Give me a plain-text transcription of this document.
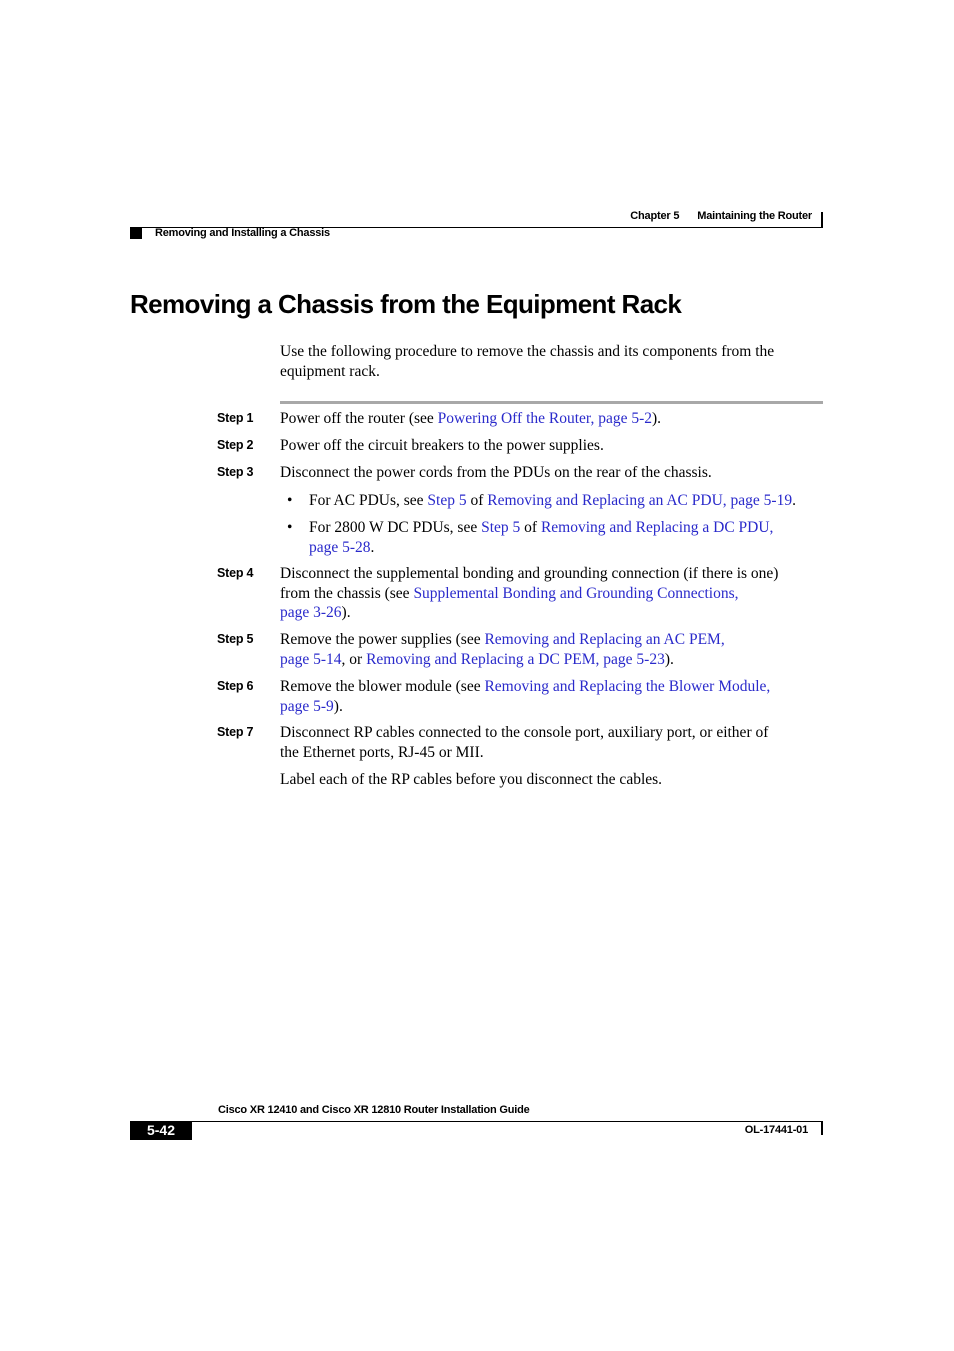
Chapter 5 Maintaining the Router
Removing and Installing a Chassis
Removing a Chassis from the Equipment Rack
Use the following procedure to remove the chassis and its components from the equipment rack.
Step 1 Power off the router (see Powering Off the Router, page 5-2).
Step 2 Power off the circuit breakers to the power supplies.
Step 3 Disconnect the power cords from the PDUs on the rear of the chassis.
• For AC PDUs, see Step 5 of Removing and Replacing an AC PDU, page 5-19.
• For 2800 W DC PDUs, see Step 5 of Removing and Replacing a DC PDU,
page 5-28.
Step 4 Disconnect the supplemental bonding and grounding connection (if there is one)
from the chassis (see Supplemental Bonding and Grounding Connections,
page 3-26).
Step 5 Remove the power supplies (see Removing and Replacing an AC PEM,
page 5-14, or Removing and Replacing a DC PEM, page 5-23).
Step 6 Remove the blower module (see Removing and Replacing the Blower Module,
page 5-9).
Step 7 Disconnect RP cables connected to the console port, auxiliary port, or either of
the Ethernet ports, RJ-45 or MII.
Label each of the RP cables before you disconnect the cables.
Cisco XR 12410 and Cisco XR 12810 Router Installation Guide
5-42	OL-17441-01
